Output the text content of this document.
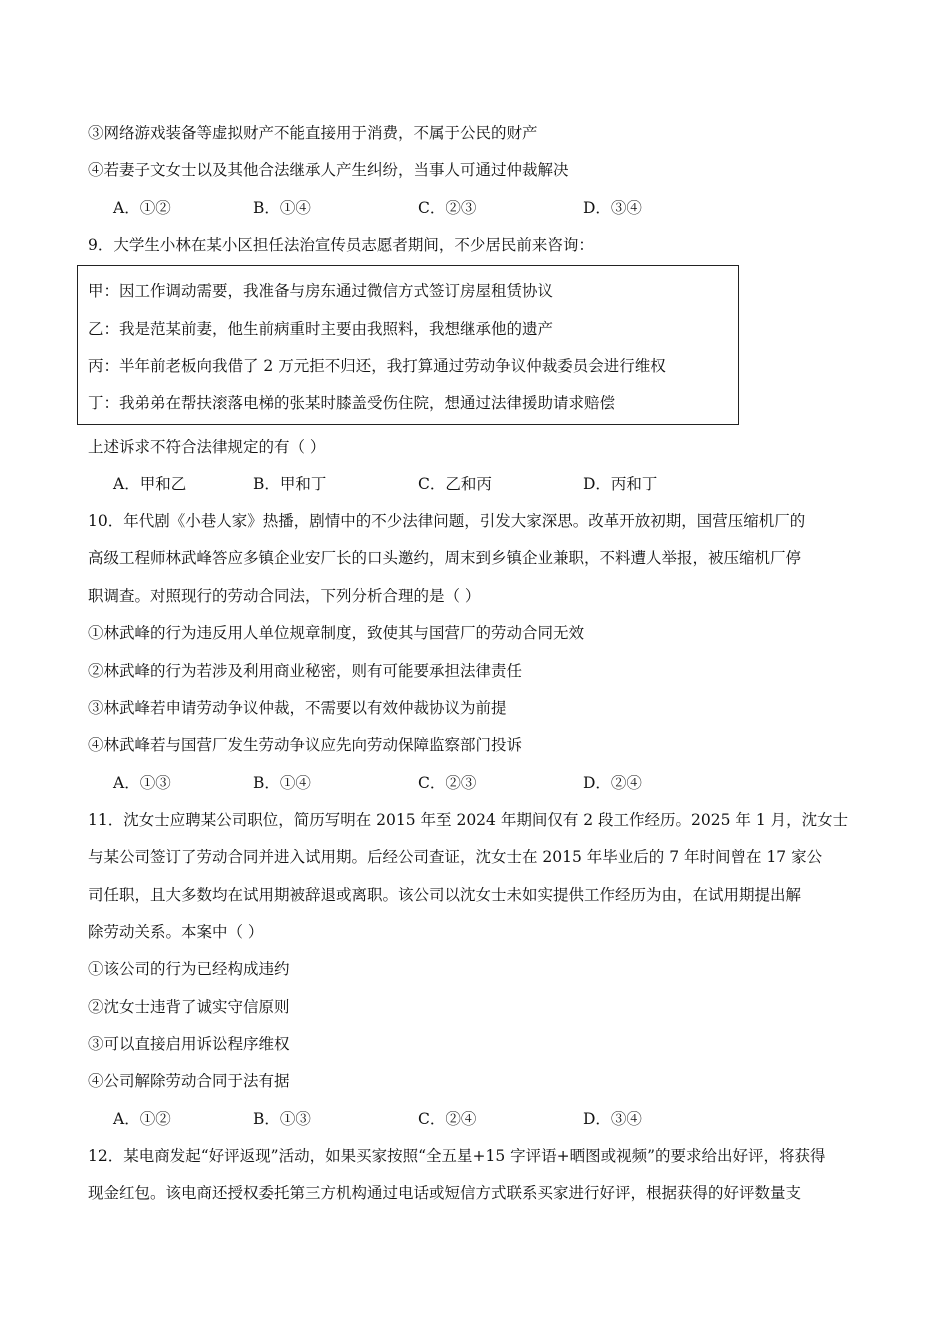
③网络游戏装备等虚拟财产不能直接用于消费，不属于公民的财产
④若妻子文女士以及其他合法继承人产生纠纷，当事人可通过仲裁解决
A．①②	B．①④	C．②③	D．③④
9．大学生小林在某小区担任法治宣传员志愿者期间，不少居民前来咨询：
甲：因工作调动需要，我准备与房东通过微信方式签订房屋租赁协议
乙：我是范某前妻，他生前病重时主要由我照料，我想继承他的遗产
丙：半年前老板向我借了 2 万元拒不归还，我打算通过劳动争议仲裁委员会进行维权
丁：我弟弟在帮扶滚落电梯的张某时膝盖受伤住院，想通过法律援助请求赔偿
上述诉求不符合法律规定的有（ ）
A．甲和乙	B．甲和丁	C．乙和丙	D．丙和丁
10．年代剧《小巷人家》热播，剧情中的不少法律问题，引发大家深思。改革开放初期，国营压缩机厂的
高级工程师林武峰答应多镇企业安厂长的口头邀约，周末到乡镇企业兼职，不料遭人举报，被压缩机厂停
职调查。对照现行的劳动合同法，下列分析合理的是（ ）
①林武峰的行为违反用人单位规章制度，致使其与国营厂的劳动合同无效
②林武峰的行为若涉及利用商业秘密，则有可能要承担法律责任
③林武峰若申请劳动争议仲裁，不需要以有效仲裁协议为前提
④林武峰若与国营厂发生劳动争议应先向劳动保障监察部门投诉
A．①③	B．①④	C．②③	D．②④
11．沈女士应聘某公司职位，简历写明在 2015 年至 2024 年期间仅有 2 段工作经历。2025 年 1 月，沈女士
与某公司签订了劳动合同并进入试用期。后经公司查证，沈女士在 2015 年毕业后的 7 年时间曾在 17 家公
司任职，且大多数均在试用期被辞退或离职。该公司以沈女士未如实提供工作经历为由，在试用期提出解
除劳动关系。本案中（ ）
①该公司的行为已经构成违约
②沈女士违背了诚实守信原则
③可以直接启用诉讼程序维权
④公司解除劳动合同于法有据
A．①②	B．①③	C．②④	D．③④
12．某电商发起“好评返现”活动，如果买家按照“全五星+15 字评语+晒图或视频”的要求给出好评，将获得
现金红包。该电商还授权委托第三方机构通过电话或短信方式联系买家进行好评，根据获得的好评数量支
